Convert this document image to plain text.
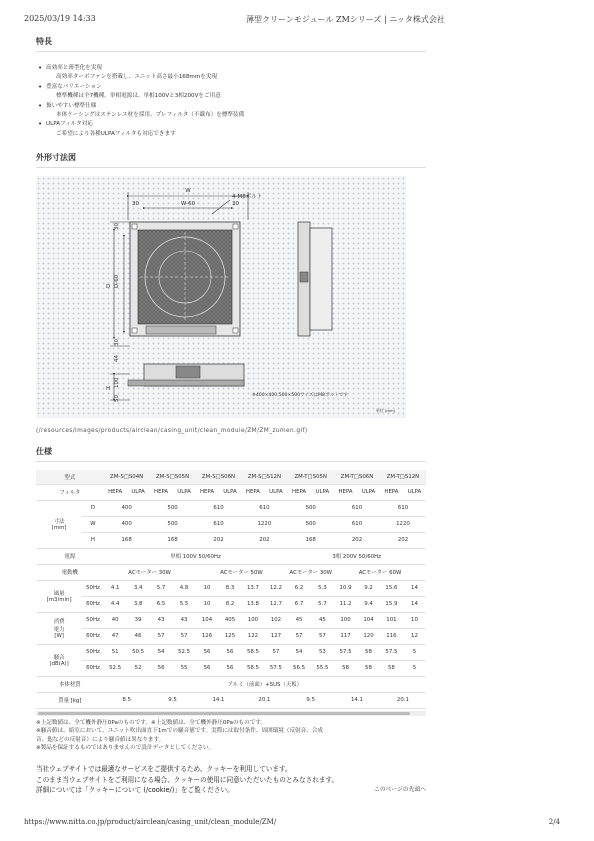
2025/03/19 14:33	薄型クリーンモジュール ZMシリーズ | ニッタ株式会社
特長
• 高効率と薄型化を実現
高効率ターボファンを搭載し、ユニット高さ最小168mmを実現
• 豊富なバリエーション
標準機種は全7機種。単相電源は、単相100Vと3相200Vをご用意
• 扱いやすい標準仕様
本体ケーシングはステンレス材を採用、プレフィルタ（不織布）を標準装備
• ULPAフィルタ対応
ご希望により各種ULPAフィルタも対応できます
外形寸法図
W
W-60
30	30
D D-60
30
30
44
H
100
50
4-M8ボルト
※400×400,500×500サイズはM8ボルトです
単位 (mm)
(/resources/images/products/airclean/casing_unit/clean_module/ZM/ZM_zumen.gif)
仕様
型式		ZM-S□S04N		ZM-S□S05N		ZM-S□S06N		ZM-S□S12N		ZM-T□S05N		ZM-T□S06N		ZM-T□S12N	
フィルタ		HEPA	ULPA	HEPA	ULPA	HEPA	ULPA	HEPA	ULPA	HEPA	ULPA	HEPA	ULPA	HEPA	ULPA

寸法
[mm]	D	400		500		610		610		500		610		610	
	W	400		500		610		1220		500		610		1220	
	H	168		168		202		202		168		202		202	
電源		単相 100V 50/60Hz								3相 200V 50/60Hz					
電動機		ACモーター 30W				ACモーター 50W				ACモーター 30W		ACモーター 60W			

風量
[m3/min]	50Hz	4.1	3.4	5.7	4.8	10	8.3	13.7	12.2	6.2	5.3	10.9	9.2	15.6	14
	60Hz	4.4	3.8	6.5	5.5	10	8.2	13.8	12.7	6.7	5.7	11.2	9.4	15.9	14

消費
電力
[W]	50Hz	40	39	43	43	104	405	100	102	45	45	100	104	101	10
	60Hz	47	46	57	57	126	125	122	127	57	57	117	120	116	12

騒音
[dB(A)]	50Hz	51	50.5	54	52.5	56	56	58.5	57	54	53	57.5	58	57.5	5
	60Hz	52.5	52	56	55	56	56	58.5	57.5	56.5	55.5	58	58	58	5
本体材質		アルミ（前面）+SUS（天板）													
質量 [kg]		8.5		9.5		14.1		20.1		9.5		14.1		20.1	
※上記数値は、全て機外静圧0Paのものです。※上記数値は、全て機外静圧0Paのものです。
※騒音値は、暗室において、ユニット吹出面直下1mでの騒音値です。実際には取付条件、周囲環境（反射音、合成
音、他などの反射音）により騒音値は異なります。
※製品を保証するものではありませんので設計データとしてください。
当社ウェブサイトでは最適なサービスをご提供するため、クッキーを利用しています。
このまま当ウェブサイトをご利用になる場合、クッキーの使用に同意いただいたものとみなされます。
詳細については「クッキーについて (/cookie/)」をご覧ください。	このページの先頭へ
https://www.nitta.co.jp/product/airclean/casing_unit/clean_module/ZM/	2/4
